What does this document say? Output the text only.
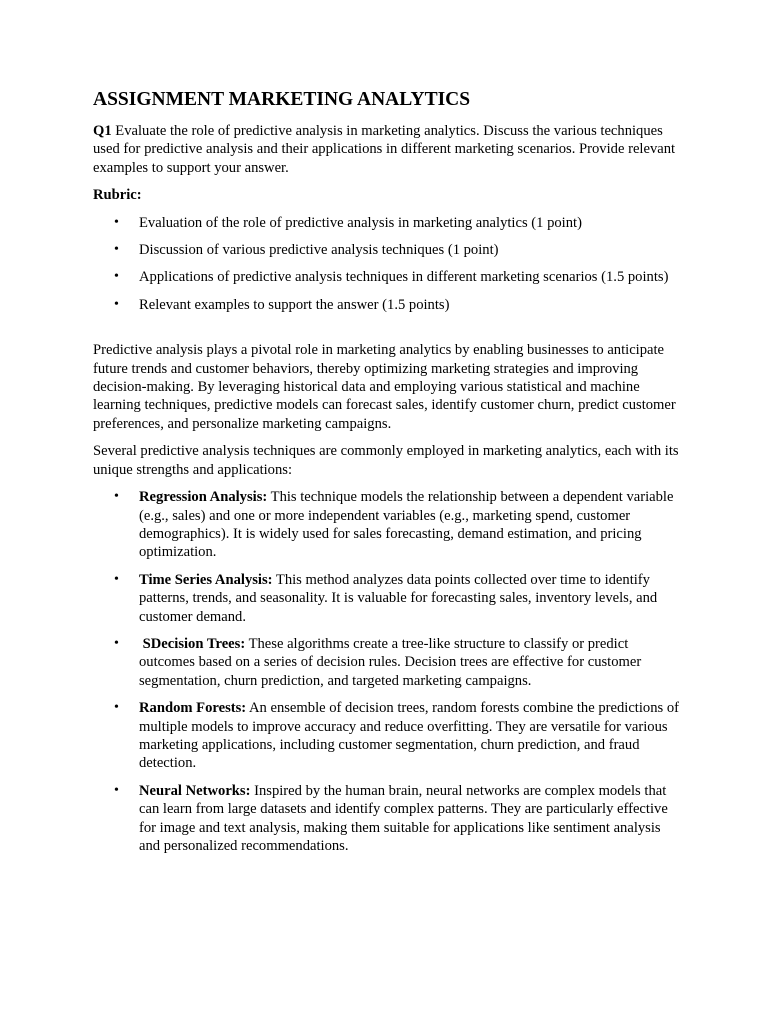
ASSIGNMENT MARKETING ANALYTICS

Q1 Evaluate the role of predictive analysis in marketing analytics. Discuss the various techniques used for predictive analysis and their applications in different marketing scenarios. Provide relevant examples to support your answer.

Rubric:

• Evaluation of the role of predictive analysis in marketing analytics (1 point)
• Discussion of various predictive analysis techniques (1 point)
• Applications of predictive analysis techniques in different marketing scenarios (1.5 points)
• Relevant examples to support the answer (1.5 points)

Predictive analysis plays a pivotal role in marketing analytics by enabling businesses to anticipate future trends and customer behaviors, thereby optimizing marketing strategies and improving decision-making. By leveraging historical data and employing various statistical and machine learning techniques, predictive models can forecast sales, identify customer churn, predict customer preferences, and personalize marketing campaigns.

Several predictive analysis techniques are commonly employed in marketing analytics, each with its unique strengths and applications:

• Regression Analysis: This technique models the relationship between a dependent variable (e.g., sales) and one or more independent variables (e.g., marketing spend, customer demographics). It is widely used for sales forecasting, demand estimation, and pricing optimization.
• Time Series Analysis: This method analyzes data points collected over time to identify patterns, trends, and seasonality. It is valuable for forecasting sales, inventory levels, and customer demand.
• SDecision Trees: These algorithms create a tree-like structure to classify or predict outcomes based on a series of decision rules. Decision trees are effective for customer segmentation, churn prediction, and targeted marketing campaigns.
• Random Forests: An ensemble of decision trees, random forests combine the predictions of multiple models to improve accuracy and reduce overfitting. They are versatile for various marketing applications, including customer segmentation, churn prediction, and fraud detection.
• Neural Networks: Inspired by the human brain, neural networks are complex models that can learn from large datasets and identify complex patterns. They are particularly effective for image and text analysis, making them suitable for applications like sentiment analysis and personalized recommendations.
